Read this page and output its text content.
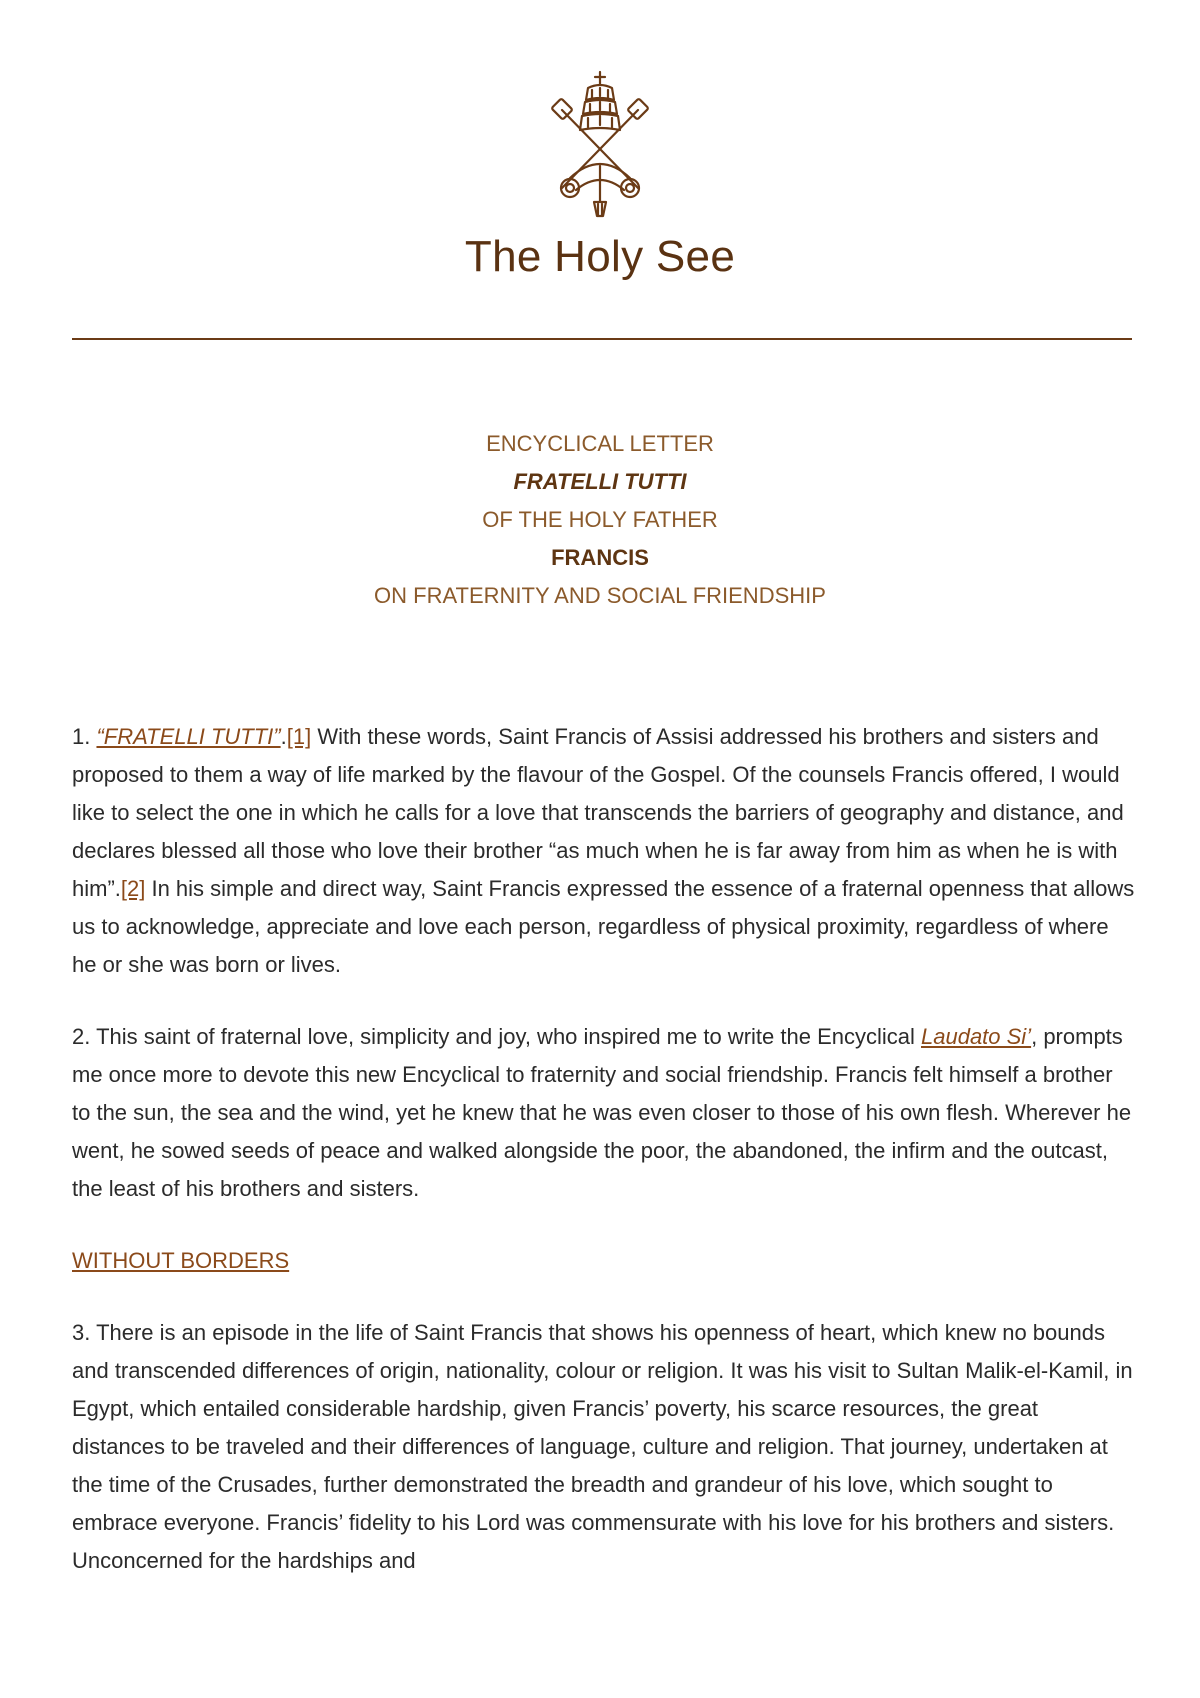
The Holy See
ENCYCLICAL LETTER
FRATELLI TUTTI
OF THE HOLY FATHER
FRANCIS
ON FRATERNITY AND SOCIAL FRIENDSHIP

1. “FRATELLI TUTTI”.[1] With these words, Saint Francis of Assisi addressed his brothers and sisters and proposed to them a way of life marked by the flavour of the Gospel. Of the counsels Francis offered, I would like to select the one in which he calls for a love that transcends the barriers of geography and distance, and declares blessed all those who love their brother “as much when he is far away from him as when he is with him”.[2] In his simple and direct way, Saint Francis expressed the essence of a fraternal openness that allows us to acknowledge, appreciate and love each person, regardless of physical proximity, regardless of where he or she was born or lives.

2. This saint of fraternal love, simplicity and joy, who inspired me to write the Encyclical Laudato Si’, prompts me once more to devote this new Encyclical to fraternity and social friendship. Francis felt himself a brother to the sun, the sea and the wind, yet he knew that he was even closer to those of his own flesh. Wherever he went, he sowed seeds of peace and walked alongside the poor, the abandoned, the infirm and the outcast, the least of his brothers and sisters.

WITHOUT BORDERS

3. There is an episode in the life of Saint Francis that shows his openness of heart, which knew no bounds and transcended differences of origin, nationality, colour or religion. It was his visit to Sultan Malik-el-Kamil, in Egypt, which entailed considerable hardship, given Francis’ poverty, his scarce resources, the great distances to be traveled and their differences of language, culture and religion. That journey, undertaken at the time of the Crusades, further demonstrated the breadth and grandeur of his love, which sought to embrace everyone. Francis’ fidelity to his Lord was commensurate with his love for his brothers and sisters. Unconcerned for the hardships and
